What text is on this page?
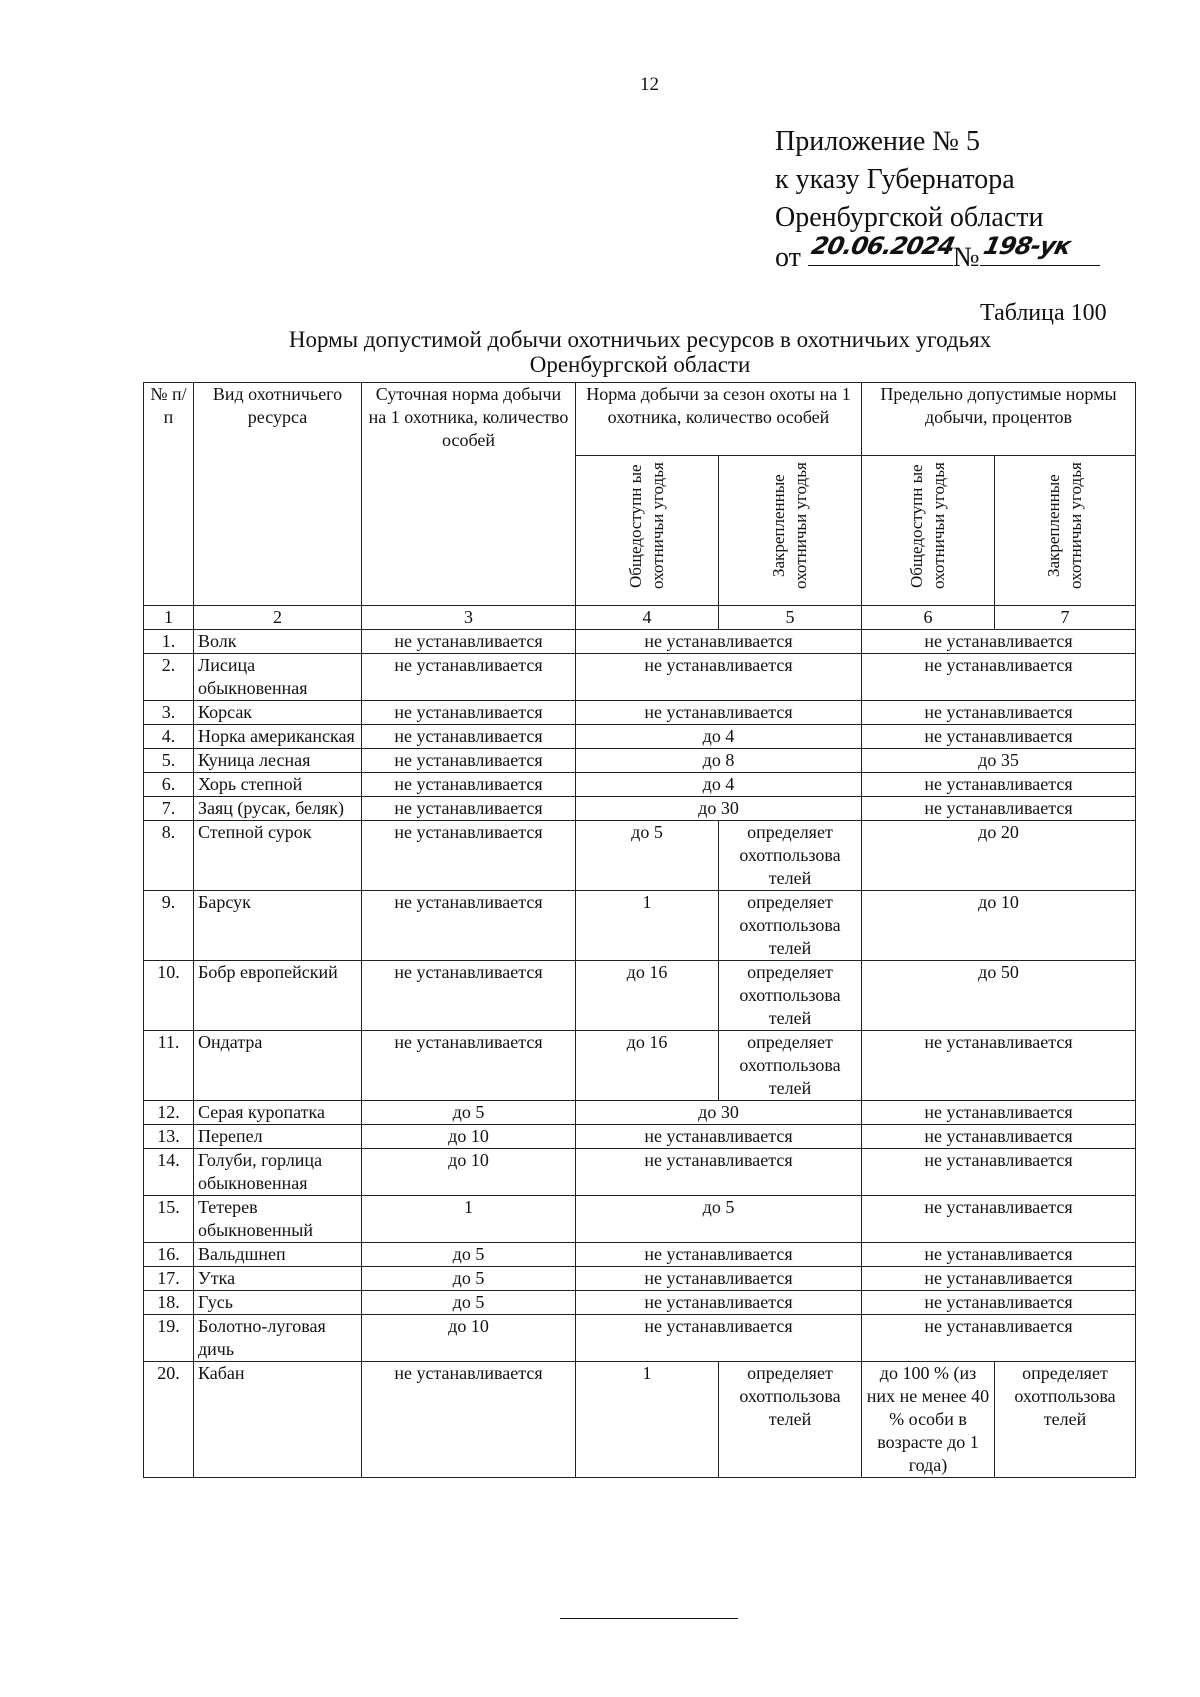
12
Приложение № 5
к указу Губернатора
Оренбургской области
от 20.06.2024
№ 198-ук
Таблица 100
Нормы допустимой добычи охотничьих ресурсов в охотничьих угодьях
Оренбургской области
№ п/п	Вид охотничьего ресурса	Суточная норма добычи на 1 охотника, количество особей	Норма добычи за сезон охоты на 1 охотника, количество особей		Предельно допустимые нормы добычи, процентов	

			Общедоступн ые охотничьи угодья	Закрепленные охотничьи угодья	Общедоступн ые охотничьи угодья	Закрепленные охотничьи угодья

1	2	3	4	5	6	7
1.	Волк	не устанавливается	не устанавливается		не устанавливается	
2.	Лисица обыкновенная	не устанавливается	не устанавливается		не устанавливается	
3.	Корсак	не устанавливается	не устанавливается		не устанавливается	
4.	Норка американская	не устанавливается	до 4		не устанавливается	
5.	Куница лесная	не устанавливается	до 8		до 35	
6.	Хорь степной	не устанавливается	до 4		не устанавливается	
7.	Заяц (русак, беляк)	не устанавливается	до 30		не устанавливается	
8.	Степной сурок	не устанавливается	до 5	определяет охотпользова телей	до 20	
9.	Барсук	не устанавливается	1	определяет охотпользова телей	до 10	
10.	Бобр европейский	не устанавливается	до 16	определяет охотпользова телей	до 50	
11.	Ондатра	не устанавливается	до 16	определяет охотпользова телей	не устанавливается	
12.	Серая куропатка	до 5	до 30		не устанавливается	
13.	Перепел	до 10	не устанавливается		не устанавливается	
14.	Голуби, горлица обыкновенная	до 10	не устанавливается		не устанавливается	
15.	Тетерев обыкновенный	1	до 5		не устанавливается	
16.	Вальдшнеп	до 5	не устанавливается		не устанавливается	
17.	Утка	до 5	не устанавливается		не устанавливается	
18.	Гусь	до 5	не устанавливается		не устанавливается	
19.	Болотно-луговая дичь	до 10	не устанавливается		не устанавливается	
20.	Кабан	не устанавливается	1	определяет охотпользова телей	до 100 % (из них не менее 40 % особи в возрасте до 1 года)	определяет охотпользова телей
